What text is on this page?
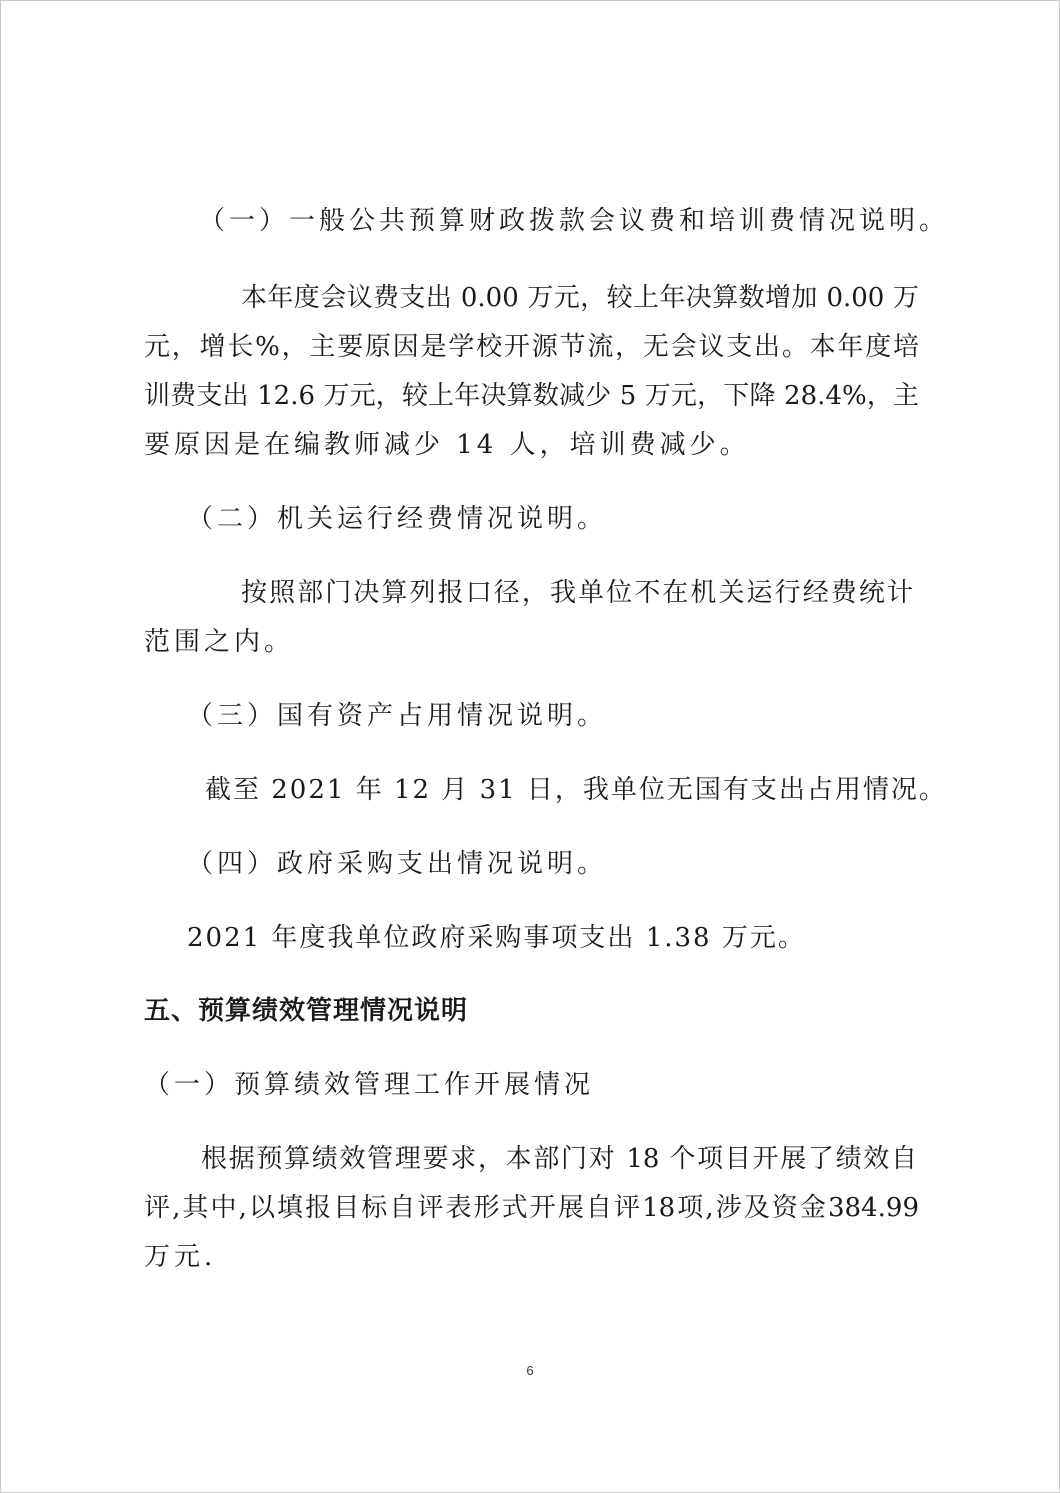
（一）一般公共预算财政拨款会议费和培训费情况说明。
本年度会议费支出 0.00 万元，较上年决算数增加 0.00 万
元，增长%，主要原因是学校开源节流，无会议支出。本年度培
训费支出 12.6 万元，较上年决算数减少 5 万元，下降 28.4%，主
要原因是在编教师减少 14 人，培训费减少。
（二）机关运行经费情况说明。
按照部门决算列报口径，我单位不在机关运行经费统计
范围之内。
（三）国有资产占用情况说明。
截至 2021 年 12 月 31 日，我单位无国有支出占用情况。
（四）政府采购支出情况说明。
2021 年度我单位政府采购事项支出 1.38 万元。
五、预算绩效管理情况说明
（一）预算绩效管理工作开展情况
根据预算绩效管理要求，本部门对 18 个项目开展了绩效自
评,其中,以填报目标自评表形式开展自评18项,涉及资金384.99
万元.
6
